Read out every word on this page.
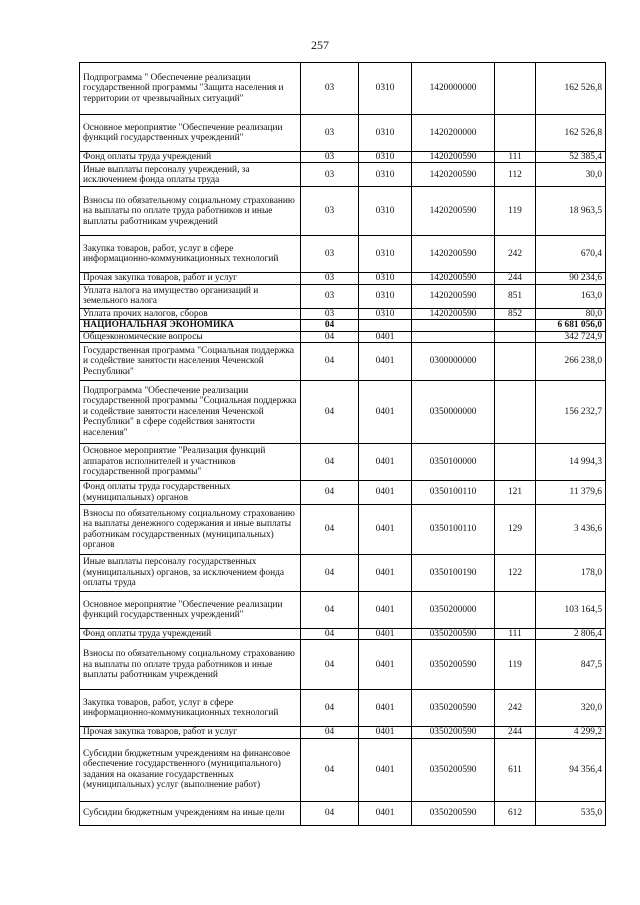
257
Подпрограмма " Обеспечение реализации государственной программы "Защита населения и территории от чрезвычайных ситуаций"	03	0310	1420000000		162 526,8
Основное мероприятие "Обеспечение реализации функций государственных учреждений"	03	0310	1420200000		162 526,8
Фонд оплаты труда учреждений	03	0310	1420200590	111	52 385,4
Иные выплаты персоналу учреждений, за исключением фонда оплаты труда	03	0310	1420200590	112	30,0
Взносы по обязательному социальному страхованию на выплаты по оплате труда работников и иные выплаты работникам учреждений	03	0310	1420200590	119	18 963,5
Закупка товаров, работ, услуг в сфере информационно-коммуникационных технологий	03	0310	1420200590	242	670,4
Прочая закупка товаров, работ и услуг	03	0310	1420200590	244	90 234,6
Уплата налога на имущество организаций и земельного налога	03	0310	1420200590	851	163,0
Уплата прочих налогов, сборов	03	0310	1420200590	852	80,0
НАЦИОНАЛЬНАЯ ЭКОНОМИКА	04				6 681 056,0
Общеэкономические вопросы	04	0401			342 724,9
Государственная программа "Социальная поддержка и содействие занятости населения Чеченской Республики"	04	0401	0300000000		266 238,0
Подпрограмма "Обеспечение реализации государственной программы "Социальная поддержка и содействие занятости населения Чеченской Республики" в сфере содействия занятости населения"	04	0401	0350000000		156 232,7
Основное мероприятие "Реализация функций аппаратов исполнителей и участников государственной программы"	04	0401	0350100000		14 994,3
Фонд оплаты труда государственных (муниципальных) органов	04	0401	0350100110	121	11 379,6
Взносы по обязательному социальному страхованию на выплаты денежного содержания и иные выплаты работникам государственных (муниципальных) органов	04	0401	0350100110	129	3 436,6
Иные выплаты персоналу государственных (муниципальных) органов, за исключением фонда оплаты труда	04	0401	0350100190	122	178,0
Основное мероприятие "Обеспечение реализации функций государственных учреждений"	04	0401	0350200000		103 164,5
Фонд оплаты труда учреждений	04	0401	0350200590	111	2 806,4
Взносы по обязательному социальному страхованию на выплаты по оплате труда работников и иные выплаты работникам учреждений	04	0401	0350200590	119	847,5
Закупка товаров, работ, услуг в сфере информационно-коммуникационных технологий	04	0401	0350200590	242	320,0
Прочая закупка товаров, работ и услуг	04	0401	0350200590	244	4 299,2
Субсидии бюджетным учреждениям на финансовое обеспечение государственного (муниципального) задания на оказание государственных (муниципальных) услуг (выполнение работ)	04	0401	0350200590	611	94 356,4
Субсидии бюджетным учреждениям на иные цели	04	0401	0350200590	612	535,0
